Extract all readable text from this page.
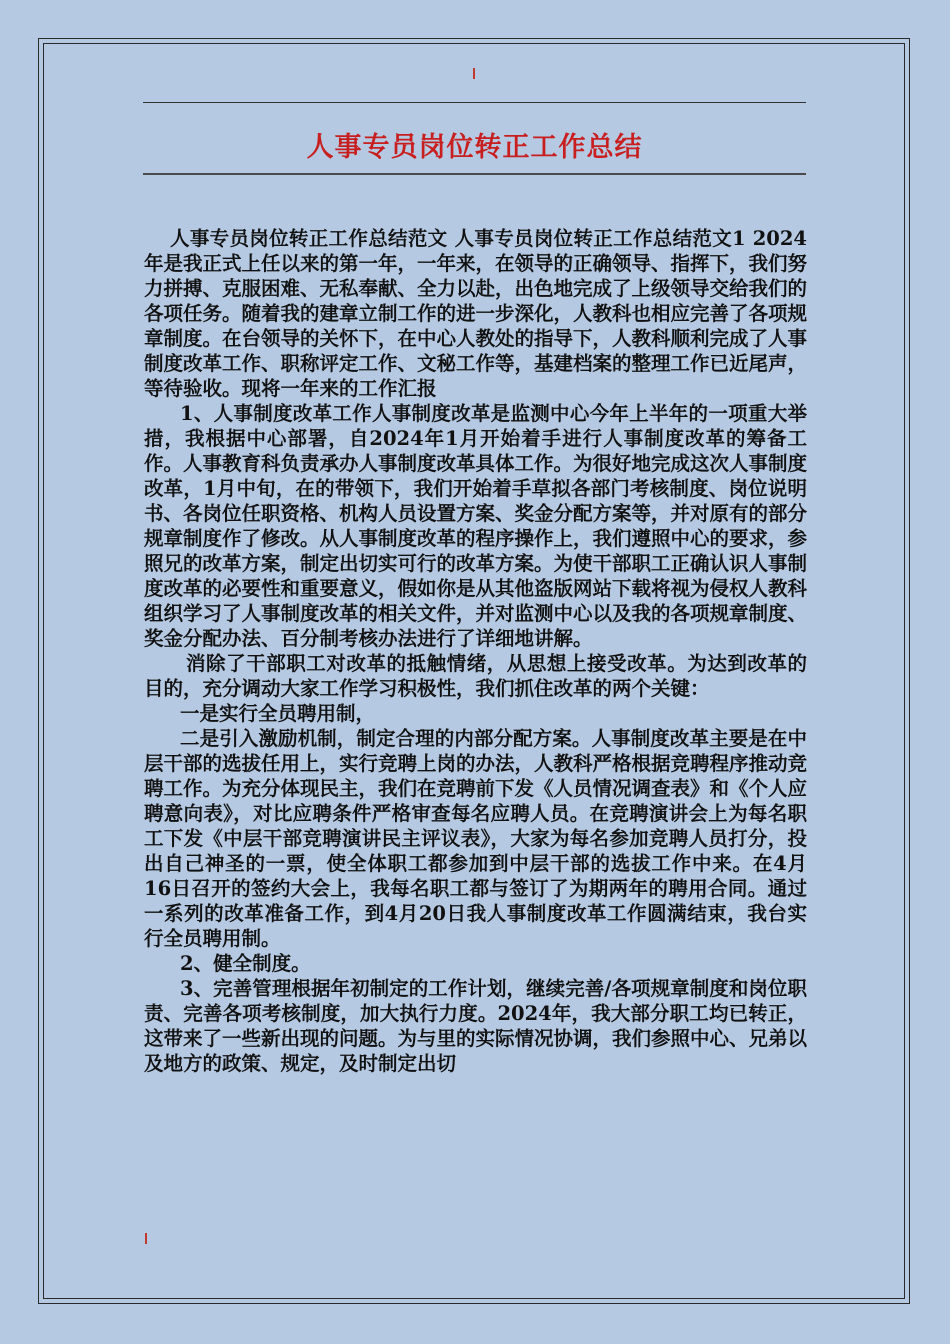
人事专员岗位转正工作总结

人事专员岗位转正工作总结范文 人事专员岗位转正工作总结范文1 2024年是我正式上任以来的第一年，一年来，在领导的正确领导、指挥下，我们努力拼搏、克服困难、无私奉献、全力以赴，出色地完成了上级领导交给我们的各项任务。随着我的建章立制工作的进一步深化，人教科也相应完善了各项规章制度。在台领导的关怀下，在中心人教处的指导下，人教科顺利完成了人事制度改革工作、职称评定工作、文秘工作等，基建档案的整理工作已近尾声，等待验收。现将一年来的工作汇报

1、人事制度改革工作人事制度改革是监测中心今年上半年的一项重大举措，我根据中心部署，自2024年1月开始着手进行人事制度改革的筹备工作。人事教育科负责承办人事制度改革具体工作。为很好地完成这次人事制度改革，1月中旬，在的带领下，我们开始着手草拟各部门考核制度、岗位说明书、各岗位任职资格、机构人员设置方案、奖金分配方案等，并对原有的部分规章制度作了修改。从人事制度改革的程序操作上，我们遵照中心的要求，参照兄的改革方案，制定出切实可行的改革方案。为使干部职工正确认识人事制度改革的必要性和重要意义，假如你是从其他盗版网站下载将视为侵权人教科组织学习了人事制度改革的相关文件，并对监测中心以及我的各项规章制度、奖金分配办法、百分制考核办法进行了详细地讲解。

消除了干部职工对改革的抵触情绪，从思想上接受改革。为达到改革的目的，充分调动大家工作学习积极性，我们抓住改革的两个关键：

一是实行全员聘用制，

二是引入激励机制，制定合理的内部分配方案。人事制度改革主要是在中层干部的选拔任用上，实行竞聘上岗的办法，人教科严格根据竞聘程序推动竞聘工作。为充分体现民主，我们在竞聘前下发《人员情况调查表》和《个人应聘意向表》，对比应聘条件严格审查每名应聘人员。在竞聘演讲会上为每名职工下发《中层干部竞聘演讲民主评议表》，大家为每名参加竞聘人员打分，投出自己神圣的一票，使全体职工都参加到中层干部的选拔工作中来。在4月16日召开的签约大会上，我每名职工都与签订了为期两年的聘用合同。通过一系列的改革准备工作，到4月20日我人事制度改革工作圆满结束，我台实行全员聘用制。

2、健全制度。

3、完善管理根据年初制定的工作计划，继续完善/各项规章制度和岗位职责、完善各项考核制度，加大执行力度。2024年，我大部分职工均已转正，这带来了一些新出现的问题。为与里的实际情况协调，我们参照中心、兄弟以及地方的政策、规定，及时制定出切
